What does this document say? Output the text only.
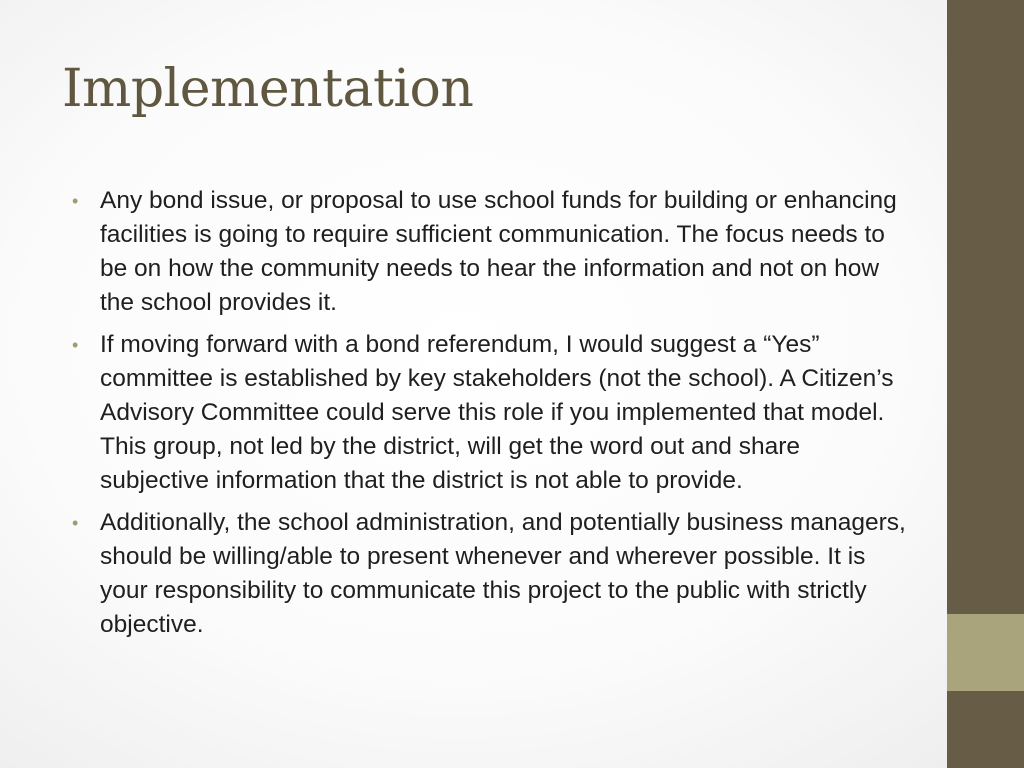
Implementation
• Any bond issue, or proposal to use school funds for building or enhancing facilities is going to require sufficient communication. The focus needs to be on how the community needs to hear the information and not on how the school provides it.
• If moving forward with a bond referendum, I would suggest a “Yes” committee is established by key stakeholders (not the school). A Citizen’s Advisory Committee could serve this role if you implemented that model. This group, not led by the district, will get the word out and share subjective information that the district is not able to provide.
• Additionally, the school administration, and potentially business managers, should be willing/able to present whenever and wherever possible. It is your responsibility to communicate this project to the public with strictly objective.
